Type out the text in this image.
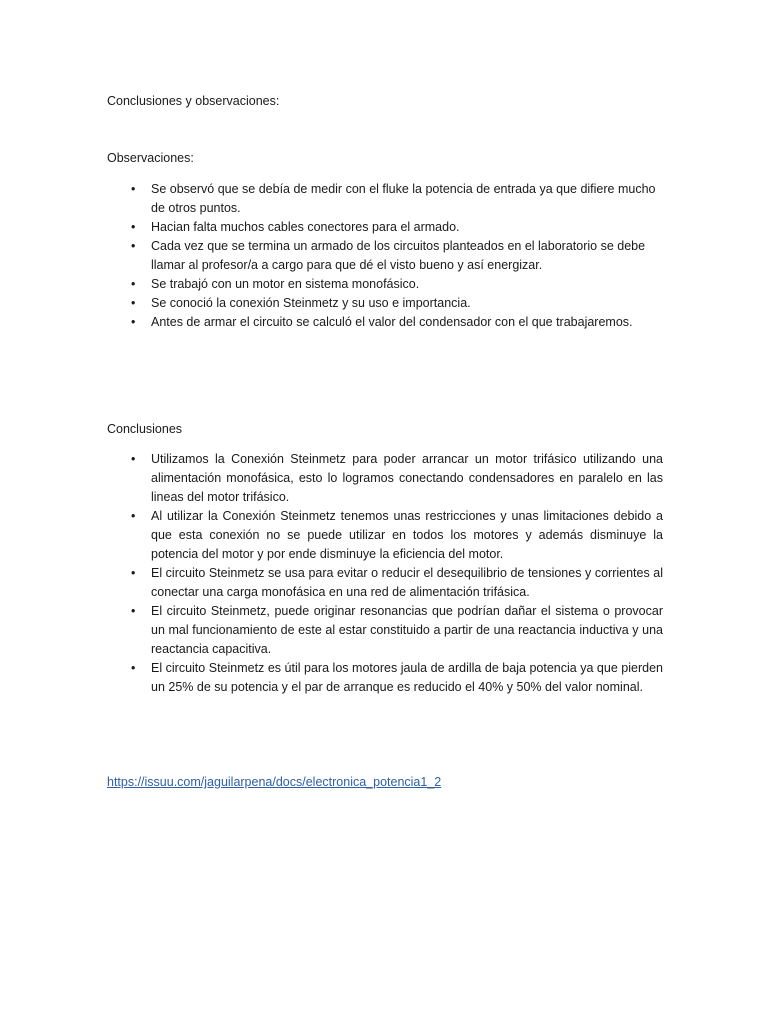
Conclusiones y observaciones:
Observaciones:
• Se observó que se debía de medir con el fluke la potencia de entrada ya que difiere mucho de otros puntos.
• Hacian falta muchos cables conectores para el armado.
• Cada vez que se termina un armado de los circuitos planteados en el laboratorio se debe llamar al profesor/a a cargo para que dé el visto bueno y así energizar.
• Se trabajó con un motor en sistema monofásico.
• Se conoció la conexión Steinmetz y su uso e importancia.
• Antes de armar el circuito se calculó el valor del condensador con el que trabajaremos.
Conclusiones
• Utilizamos la Conexión Steinmetz para poder arrancar un motor trifásico utilizando una alimentación monofásica, esto lo logramos conectando condensadores en paralelo en las lineas del motor trifásico.
• Al utilizar la Conexión Steinmetz tenemos unas restricciones y unas limitaciones debido a que esta conexión no se puede utilizar en todos los motores y además disminuye la potencia del motor y por ende disminuye la eficiencia del motor.
• El circuito Steinmetz se usa para evitar o reducir el desequilibrio de tensiones y corrientes al conectar una carga monofásica en una red de alimentación trifásica.
• El circuito Steinmetz, puede originar resonancias que podrían dañar el sistema o provocar un mal funcionamiento de este al estar constituido a partir de una reactancia inductiva y una reactancia capacitiva.
• El circuito Steinmetz es útil para los motores jaula de ardilla de baja potencia ya que pierden un 25% de su potencia y el par de arranque es reducido el 40% y 50% del valor nominal.
https://issuu.com/jaguilarpena/docs/electronica_potencia1_2
